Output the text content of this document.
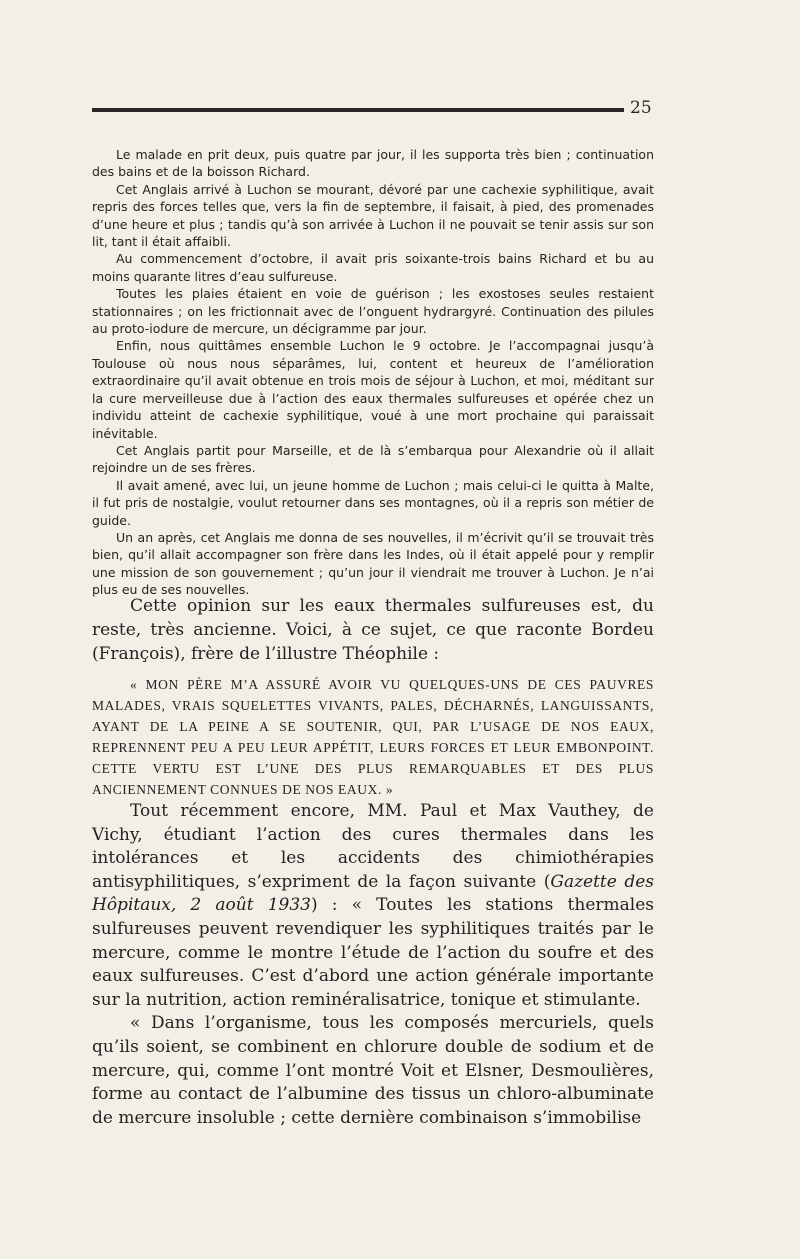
25

Le malade en prit deux, puis quatre par jour, il les supporta très bien ; continuation des bains et de la boisson Richard.

Cet Anglais arrivé à Luchon se mourant, dévoré par une cachexie syphilitique, avait repris des forces telles que, vers la fin de septembre, il faisait, à pied, des promenades d’une heure et plus ; tandis qu’à son arrivée à Luchon il ne pouvait se tenir assis sur son lit, tant il était affaibli.

Au commencement d’octobre, il avait pris soixante-trois bains Richard et bu au moins quarante litres d’eau sulfureuse.

Toutes les plaies étaient en voie de guérison ; les exostoses seules restaient stationnaires ; on les frictionnait avec de l’onguent hydrargyré. Continuation des pilules au proto-iodure de mercure, un décigramme par jour.

Enfin, nous quittâmes ensemble Luchon le 9 octobre. Je l’accompagnai jusqu’à Toulouse où nous nous séparâmes, lui, content et heureux de l’amélioration extraordinaire qu’il avait obtenue en trois mois de séjour à Luchon, et moi, méditant sur la cure merveilleuse due à l’action des eaux thermales sulfureuses et opérée chez un individu atteint de cachexie syphilitique, voué à une mort prochaine qui paraissait inévitable.

Cet Anglais partit pour Marseille, et de là s’embarqua pour Alexandrie où il allait rejoindre un de ses frères.

Il avait amené, avec lui, un jeune homme de Luchon ; mais celui-ci le quitta à Malte, il fut pris de nostalgie, voulut retourner dans ses montagnes, où il a repris son métier de guide.

Un an après, cet Anglais me donna de ses nouvelles, il m’écrivit qu’il se trouvait très bien, qu’il allait accompagner son frère dans les Indes, où il était appelé pour y remplir une mission de son gouvernement ; qu’un jour il viendrait me trouver à Luchon. Je n’ai plus eu de ses nouvelles.

Cette opinion sur les eaux thermales sulfureuses est, du reste, très ancienne. Voici, à ce sujet, ce que raconte Bordeu (François), frère de l’illustre Théophile :

« MON PÈRE M’A ASSURÉ AVOIR VU QUELQUES-UNS DE CES PAUVRES MALADES, VRAIS SQUELETTES VIVANTS, PALES, DÉCHARNÉS, LANGUISSANTS, AYANT DE LA PEINE A SE SOUTENIR, QUI, PAR L’USAGE DE NOS EAUX, REPRENNENT PEU A PEU LEUR APPÉTIT, LEURS FORCES ET LEUR EMBONPOINT. CETTE VERTU EST L’UNE DES PLUS REMARQUABLES ET DES PLUS ANCIENNEMENT CONNUES DE NOS EAUX. »

Tout récemment encore, MM. Paul et Max Vauthey, de Vichy, étudiant l’action des cures thermales dans les intolérances et les accidents des chimiothérapies antisyphilitiques, s’expriment de la façon suivante (Gazette des Hôpitaux, 2 août 1933) : « Toutes les stations thermales sulfureuses peuvent revendiquer les syphilitiques traités par le mercure, comme le montre l’étude de l’action du soufre et des eaux sulfureuses. C’est d’abord une action générale importante sur la nutrition, action reminéralisatrice, tonique et stimulante.

« Dans l’organisme, tous les composés mercuriels, quels qu’ils soient, se combinent en chlorure double de sodium et de mercure, qui, comme l’ont montré Voit et Elsner, Desmoulières, forme au contact de l’albumine des tissus un chloro-albuminate de mercure insoluble ; cette dernière combinaison s’immobilise
